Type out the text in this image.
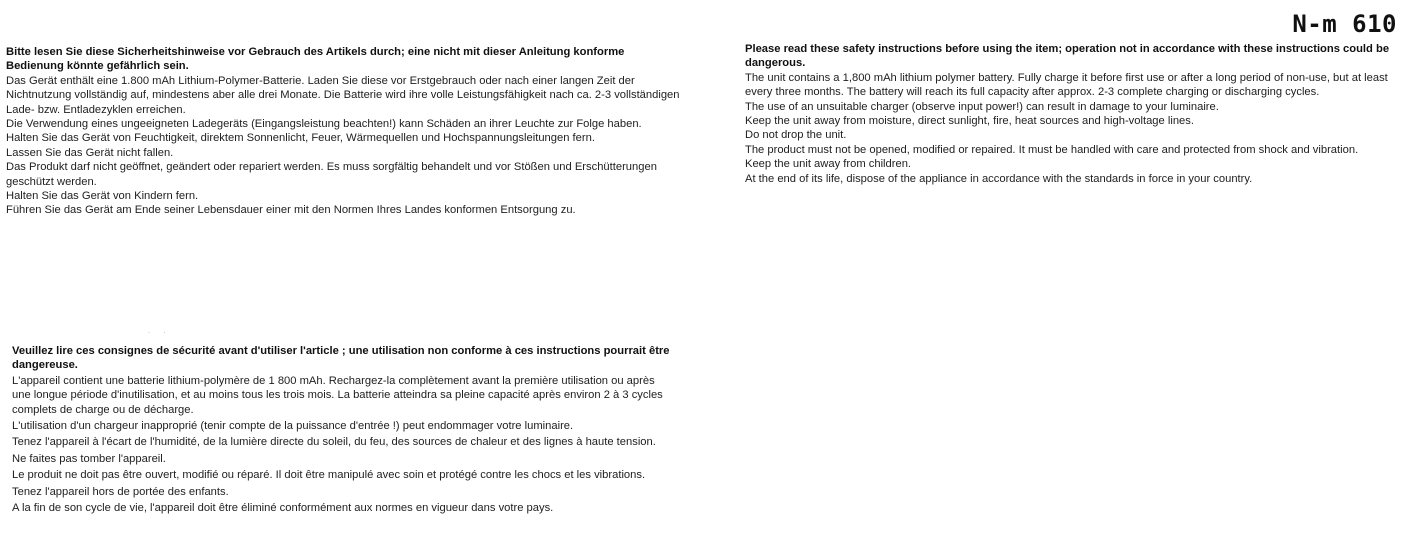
N-m 610

Bitte lesen Sie diese Sicherheitshinweise vor Gebrauch des Artikels durch; eine nicht mit dieser Anleitung konforme Bedienung könnte gefährlich sein.

Das Gerät enthält eine 1.800 mAh Lithium-Polymer-Batterie. Laden Sie diese vor Erstgebrauch oder nach einer langen Zeit der Nichtnutzung vollständig auf, mindestens aber alle drei Monate. Die Batterie wird ihre volle Leistungsfähigkeit nach ca. 2-3 vollständigen Lade- bzw. Entladezyklen erreichen.

Die Verwendung eines ungeeigneten Ladegeräts (Eingangsleistung beachten!) kann Schäden an ihrer Leuchte zur Folge haben.

Halten Sie das Gerät von Feuchtigkeit, direktem Sonnenlicht, Feuer, Wärmequellen und Hochspannungsleitungen fern.

Lassen Sie das Gerät nicht fallen.

Das Produkt darf nicht geöffnet, geändert oder repariert werden. Es muss sorgfältig behandelt und vor Stößen und Erschütterungen geschützt werden.

Halten Sie das Gerät von Kindern fern.

Führen Sie das Gerät am Ende seiner Lebensdauer einer mit den Normen Ihres Landes konformen Entsorgung zu.

Please read these safety instructions before using the item; operation not in accordance with these instructions could be dangerous.

The unit contains a 1,800 mAh lithium polymer battery. Fully charge it before first use or after a long period of non-use, but at least every three months. The battery will reach its full capacity after approx. 2-3 complete charging or discharging cycles.

The use of an unsuitable charger (observe input power!) can result in damage to your luminaire.

Keep the unit away from moisture, direct sunlight, fire, heat sources and high-voltage lines.

Do not drop the unit.

The product must not be opened, modified or repaired. It must be handled with care and protected from shock and vibration.

Keep the unit away from children.

At the end of its life, dispose of the appliance in accordance with the standards in force in your country.

· ·

Veuillez lire ces consignes de sécurité avant d'utiliser l'article ; une utilisation non conforme à ces instructions pourrait être dangereuse.

L'appareil contient une batterie lithium-polymère de 1 800 mAh. Rechargez-la complètement avant la première utilisation ou après une longue période d'inutilisation, et au moins tous les trois mois. La batterie atteindra sa pleine capacité après environ 2 à 3 cycles complets de charge ou de décharge.

L'utilisation d'un chargeur inapproprié (tenir compte de la puissance d'entrée !) peut endommager votre luminaire.

Tenez l'appareil à l'écart de l'humidité, de la lumière directe du soleil, du feu, des sources de chaleur et des lignes à haute tension.

Ne faites pas tomber l'appareil.

Le produit ne doit pas être ouvert, modifié ou réparé. Il doit être manipulé avec soin et protégé contre les chocs et les vibrations.

Tenez l'appareil hors de portée des enfants.

A la fin de son cycle de vie, l'appareil doit être éliminé conformément aux normes en vigueur dans votre pays.
